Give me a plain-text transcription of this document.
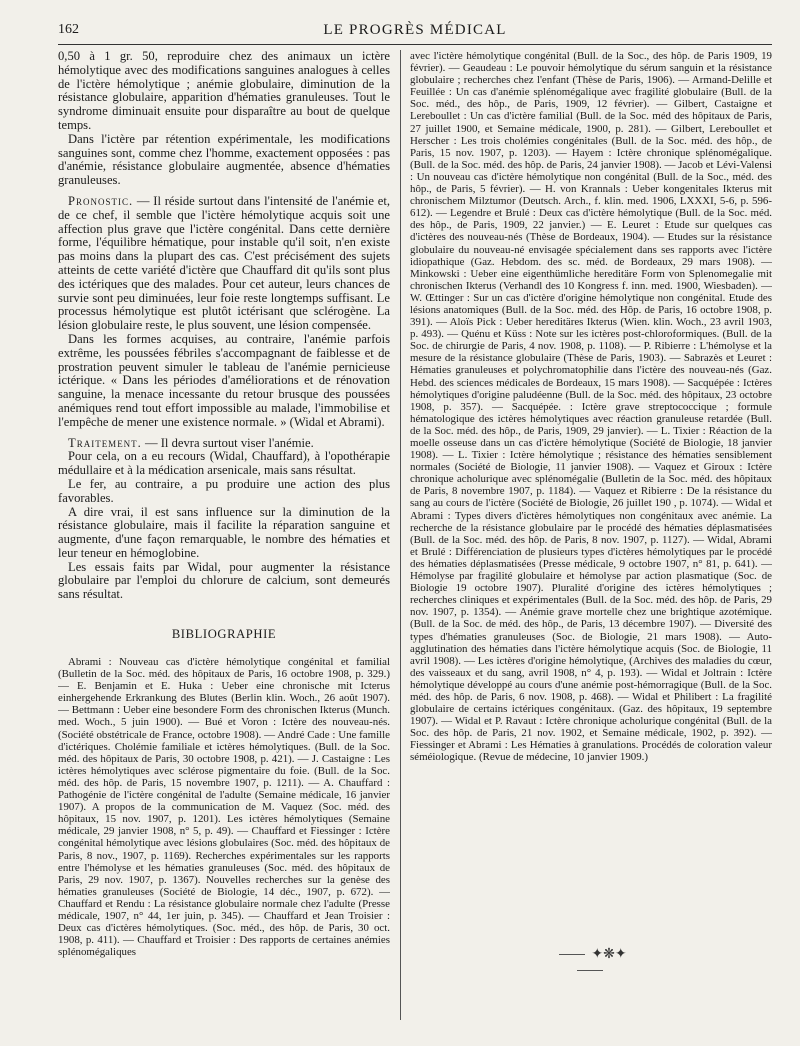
162	LE PROGRÈS MÉDICAL

0,50 à 1 gr. 50, reproduire chez des animaux un ictère hémolytique avec des modifications sanguines analogues à celles de l'ictère hémolytique ; anémie globulaire, diminution de la résistance globulaire, apparition d'hématies granuleuses. Tout le syndrome diminuait ensuite pour disparaître au bout de quelque temps.

Dans l'ictère par rétention expérimentale, les modifications sanguines sont, comme chez l'homme, exactement opposées : pas d'anémie, résistance globulaire augmentée, absence d'hématies granuleuses.

Pronostic. — Il réside surtout dans l'intensité de l'anémie et, de ce chef, il semble que l'ictère hémolytique acquis soit une affection plus grave que l'ictère congénital. Dans cette dernière forme, l'équilibre hématique, pour instable qu'il soit, n'en existe pas moins dans la plupart des cas. C'est précisément des sujets atteints de cette variété d'ictère que Chauffard dit qu'ils sont plus des ictériques que des malades. Pour cet auteur, leurs chances de survie sont peu diminuées, leur foie reste longtemps suffisant. Le processus hémolytique est plutôt ictérisant que sclérogène. La lésion globulaire reste, le plus souvent, une lésion compensée.

Dans les formes acquises, au contraire, l'anémie parfois extrême, les poussées fébriles s'accompagnant de faiblesse et de prostration peuvent simuler le tableau de l'anémie pernicieuse ictérique. « Dans les périodes d'améliorations et de rénovation sanguine, la menace incessante du retour brusque des poussées anémiques rend tout effort impossible au malade, l'immobilise et l'empêche de mener une existence normale. » (Widal et Abrami).

Traitement. — Il devra surtout viser l'anémie.

Pour cela, on a eu recours (Widal, Chauffard), à l'opothérapie médullaire et à la médication arsenicale, mais sans résultat.

Le fer, au contraire, a pu produire une action des plus favorables.

A dire vrai, il est sans influence sur la diminution de la résistance globulaire, mais il facilite la réparation sanguine et augmente, d'une façon remarquable, le nombre des hématies et leur teneur en hémoglobine.

Les essais faits par Widal, pour augmenter la résistance globulaire par l'emploi du chlorure de calcium, sont demeurés sans résultat.

BIBLIOGRAPHIE

Abrami : Nouveau cas d'ictère hémolytique congénital et familial (Bulletin de la Soc. méd. des hôpitaux de Paris, 16 octobre 1908, p. 329.) — E. Benjamin et E. Huka : Ueber eine chronische mit Icterus einhergehende Erkrankung des Blutes (Berlin klin. Woch., 26 août 1907). — Bettmann : Ueber eine besondere Form des chronischen Ikterus (Munch. med. Woch., 5 juin 1900). — Bué et Voron : Ictère des nouveau-nés. (Société obstétricale de France, octobre 1908). — André Cade : Une famille d'ictériques. Cholémie familiale et ictères hémolytiques. (Bull. de la Soc. méd. des hôpitaux de Paris, 30 octobre 1908, p. 421). — J. Castaigne : Les ictères hémolytiques avec sclérose pigmentaire du foie. (Bull. de la Soc. méd. des hôp. de Paris, 15 novembre 1907, p. 1211). — A. Chauffard : Pathogénie de l'ictère congénital de l'adulte (Semaine médicale, 16 janvier 1907). A propos de la communication de M. Vaquez (Soc. méd. des hôpitaux, 15 nov. 1907, p. 1201). Les ictères hémolytiques (Semaine médicale, 29 janvier 1908, n° 5, p. 49). — Chauffard et Fiessinger : Ictère congénital hémolytique avec lésions globulaires (Soc. méd. des hôpitaux de Paris, 8 nov., 1907, p. 1169). Recherches expérimentales sur les rapports entre l'hémolyse et les hématies granuleuses (Soc. méd. des hôpitaux de Paris, 29 nov. 1907, p. 1367). Nouvelles recherches sur la genèse des hématies granuleuses (Société de Biologie, 14 déc., 1907, p. 672). — Chauffard et Rendu : La résistance globulaire normale chez l'adulte (Presse médicale, 1907, n° 44, 1er juin, p. 345). — Chauffard et Jean Troisier : Deux cas d'ictères hémolytiques. (Soc. méd., des hôp. de Paris, 30 oct. 1908, p. 411). — Chauffard et Troisier : Des rapports de certaines anémies splénomégaliques

avec l'ictère hémolytique congénital (Bull. de la Soc., des hôp. de Paris 1909, 19 février). — Geaudeau : Le pouvoir hémolytique du sérum sanguin et la résistance globulaire ; recherches chez l'enfant (Thèse de Paris, 1906). — Armand-Delille et Feuillée : Un cas d'anémie splénomégalique avec fragilité globulaire (Bull. de la Soc. méd., des hôp., de Paris, 1909, 12 février). — Gilbert, Castaigne et Lereboullet : Un cas d'ictère familial (Bull. de la Soc. méd des hôpitaux de Paris, 27 juillet 1900, et Semaine médicale, 1900, p. 281). — Gilbert, Lereboullet et Herscher : Les trois cholémies congénitales (Bull. de la Soc. méd. des hôp., de Paris, 15 nov. 1907, p. 1203). — Hayem : Ictère chronique splénomégalique. (Bull. de la Soc. méd. des hôp. de Paris, 24 janvier 1908). — Jacob et Lévi-Valensi : Un nouveau cas d'ictère hémolytique non congénital (Bull. de la Soc., méd. des hôp., de Paris, 5 février). — H. von Krannals : Ueber kongenitales Ikterus mit chronischem Milztumor (Deutsch. Arch., f. klin. med. 1906, LXXXI, 5-6, p. 596-612). — Legendre et Brulé : Deux cas d'ictère hémolytique (Bull. de la Soc. méd. des hôp., de Paris, 1909, 22 janvier.) — E. Leuret : Etude sur quelques cas d'ictères des nouveau-nés (Thèse de Bordeaux, 1904). — Etudes sur la résistance globulaire du nouveau-né envisagée spécialement dans ses rapports avec l'ictère idiopathique (Gaz. Hebdom. des sc. méd. de Bordeaux, 29 mars 1908). — Minkowski : Ueber eine eigenthümliche hereditäre Form von Splenomegalie mit chronischen Ikterus (Verhandl des 10 Kongress f. inn. med. 1900, Wiesbaden). — W. Œttinger : Sur un cas d'ictère d'origine hémolytique non congénital. Etude des lésions anatomiques (Bull. de la Soc. méd. des Hôp. de Paris, 16 octobre 1908, p. 391). — Aloïs Pick : Ueber hereditäres Ikterus (Wien. klin. Woch., 23 avril 1903, p. 493). — Quénu et Küss : Note sur les ictères post-chloroformiques. (Bull. de la Soc. de chirurgie de Paris, 4 nov. 1908, p. 1108). — P. Ribierre : L'hémolyse et la mesure de la résistance globulaire (Thèse de Paris, 1903). — Sabrazès et Leuret : Hématies granuleuses et polychromatophilie dans l'ictère des nouveau-nés (Gaz. Hebd. des sciences médicales de Bordeaux, 15 mars 1908). — Sacquépée : Ictères hémolytiques d'origine paludéenne (Bull. de la Soc. méd. des hôpitaux, 23 octobre 1908, p. 357). — Sacquépée. : Ictère grave streptococcique ; formule hématologique des ictères hémolytiques avec réaction granuleuse retardée (Bull. de la Soc. méd. des hôp., de Paris, 1909, 29 janvier). — L. Tixier : Réaction de la moelle osseuse dans un cas d'ictère hémolytique (Société de Biologie, 18 janvier 1908). — L. Tixier : Ictère hémolytique ; résistance des hématies sensiblement normales (Société de Biologie, 11 janvier 1908). — Vaquez et Giroux : Ictère chronique acholurique avec splénomégalie (Bulletin de la Soc. méd. des hôpitaux de Paris, 8 novembre 1907, p. 1184). — Vaquez et Ribierre : De la résistance du sang au cours de l'ictère (Société de Biologie, 26 juillet 190 , p. 1074). — Widal et Abrami : Types divers d'ictères hémolytiques non congénitaux avec anémie. La recherche de la résistance globulaire par le procédé des hématies déplasmatisées (Bull. de la Soc. méd. des hôp. de Paris, 8 nov. 1907, p. 1127). — Widal, Abrami et Brulé : Différenciation de plusieurs types d'ictères hémolytiques par le procédé des hématies déplasmatisées (Presse médicale, 9 octobre 1907, n° 81, p. 641). — Hémolyse par fragilité globulaire et hémolyse par action plasmatique (Soc. de Biologie 19 octobre 1907). Pluralité d'origine des ictères hémolytiques ; recherches cliniques et expérimentales (Bull. de la Soc. méd. des hôp. de Paris, 29 nov. 1907, p. 1354). — Anémie grave mortelle chez une brightique azotémique. (Bull. de la Soc. de méd. des hôp., de Paris, 13 décembre 1907). — Diversité des types d'hématies granuleuses (Soc. de Biologie, 21 mars 1908). — Auto-agglutination des hématies dans l'ictère hémolytique acquis (Soc. de Biologie, 11 avril 1908). — Les ictères d'origine hémolytique, (Archives des maladies du cœur, des vaisseaux et du sang, avril 1908, n° 4, p. 193). — Widal et Joltrain : Ictère hémolytique développé au cours d'une anémie post-hémorragique (Bull. de la Soc. méd. des hôp. de Paris, 6 nov. 1908, p. 468). — Widal et Philibert : La fragilité globulaire de certains ictériques congénitaux. (Gaz. des hôpitaux, 19 septembre 1907). — Widal et P. Ravaut : Ictère chronique acholurique congénital (Bull. de la Soc. des hôp. de Paris, 21 nov. 1902, et Semaine médicale, 1902, p. 392). — Fiessinger et Abrami : Les Hématies à granulations. Procédés de coloration valeur séméiologique. (Revue de médecine, 10 janvier 1909.)

✦❋✦
